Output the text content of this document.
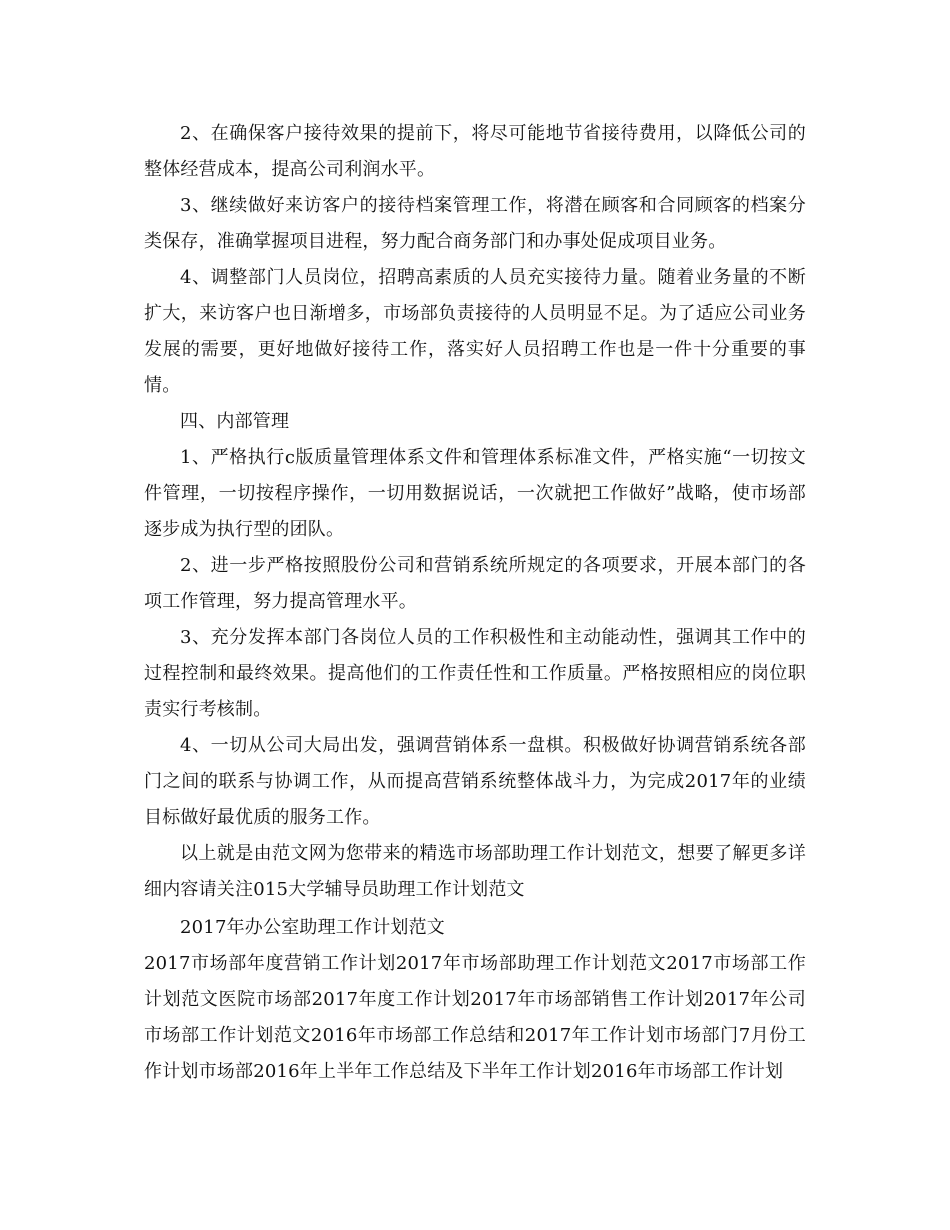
2、在确保客户接待效果的提前下，将尽可能地节省接待费用，以降低公司的整体经营成本，提高公司利润水平。

3、继续做好来访客户的接待档案管理工作，将潜在顾客和合同顾客的档案分类保存，准确掌握项目进程，努力配合商务部门和办事处促成项目业务。

4、调整部门人员岗位，招聘高素质的人员充实接待力量。随着业务量的不断扩大，来访客户也日渐增多，市场部负责接待的人员明显不足。为了适应公司业务发展的需要，更好地做好接待工作，落实好人员招聘工作也是一件十分重要的事情。

四、内部管理

1、严格执行c版质量管理体系文件和管理体系标准文件，严格实施“一切按文件管理，一切按程序操作，一切用数据说话，一次就把工作做好”战略，使市场部逐步成为执行型的团队。

2、进一步严格按照股份公司和营销系统所规定的各项要求，开展本部门的各项工作管理，努力提高管理水平。

3、充分发挥本部门各岗位人员的工作积极性和主动能动性，强调其工作中的过程控制和最终效果。提高他们的工作责任性和工作质量。严格按照相应的岗位职责实行考核制。

4、一切从公司大局出发，强调营销体系一盘棋。积极做好协调营销系统各部门之间的联系与协调工作，从而提高营销系统整体战斗力，为完成2017年的业绩目标做好最优质的服务工作。

以上就是由范文网为您带来的精选市场部助理工作计划范文，想要了解更多详细内容请关注015大学辅导员助理工作计划范文

2017年办公室助理工作计划范文

2017市场部年度营销工作计划2017年市场部助理工作计划范文2017市场部工作计划范文医院市场部2017年度工作计划2017年市场部销售工作计划2017年公司市场部工作计划范文2016年市场部工作总结和2017年工作计划市场部门7月份工作计划市场部2016年上半年工作总结及下半年工作计划2016年市场部工作计划
